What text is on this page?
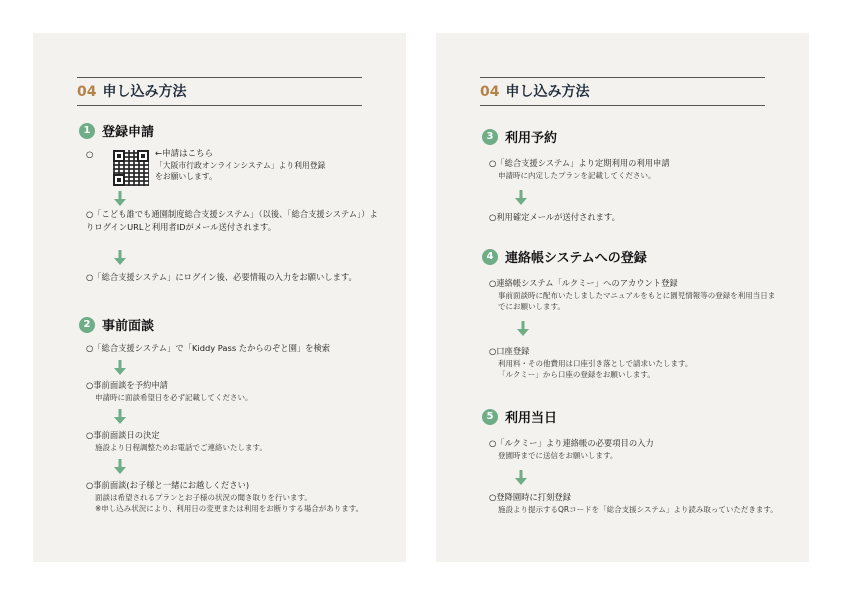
04 申し込み方法
1 登録申請
○	←申請はこちら
「大阪市行政オンラインシステム」より利用登録
をお願いします。
○「こども誰でも通園制度総合支援システム」（以後、「総合支援システム」）よりログインURLと利用者IDがメール送付されます。
○「総合支援システム」にログイン後、必要情報の入力をお願いします。
2 事前面談
○「総合支援システム」で「Kiddy Pass たからのぞと園」を検索
○事前面談を予約申請
申請時に面談希望日を必ず記載してください。
○事前面談日の決定
施設より日程調整ためお電話でご連絡いたします。
○事前面談(お子様と一緒にお越しください)
面談は希望されるプランとお子様の状況の聞き取りを行います。
※申し込み状況により、利用日の変更または利用をお断りする場合があります。
04 申し込み方法
3 利用予約
○「総合支援システム」より定期利用の利用申請
申請時に内定したプランを記載してください。
○利用確定メールが送付されます。
4 連絡帳システムへの登録
○連絡帳システム「ルクミー」へのアカウント登録
事前面談時に配布いたしましたマニュアルをもとに園児情報等の登録を利用当日までにお願いします。
○口座登録
利用料・その他費用は口座引き落としで請求いたします。
「ルクミー」から口座の登録をお願いします。
5 利用当日
○「ルクミー」より連絡帳の必要項目の入力
登園時までに送信をお願いします。
○登降園時に打刻登録
施設より提示するQRコードを「総合支援システム」より読み取っていただきます。
